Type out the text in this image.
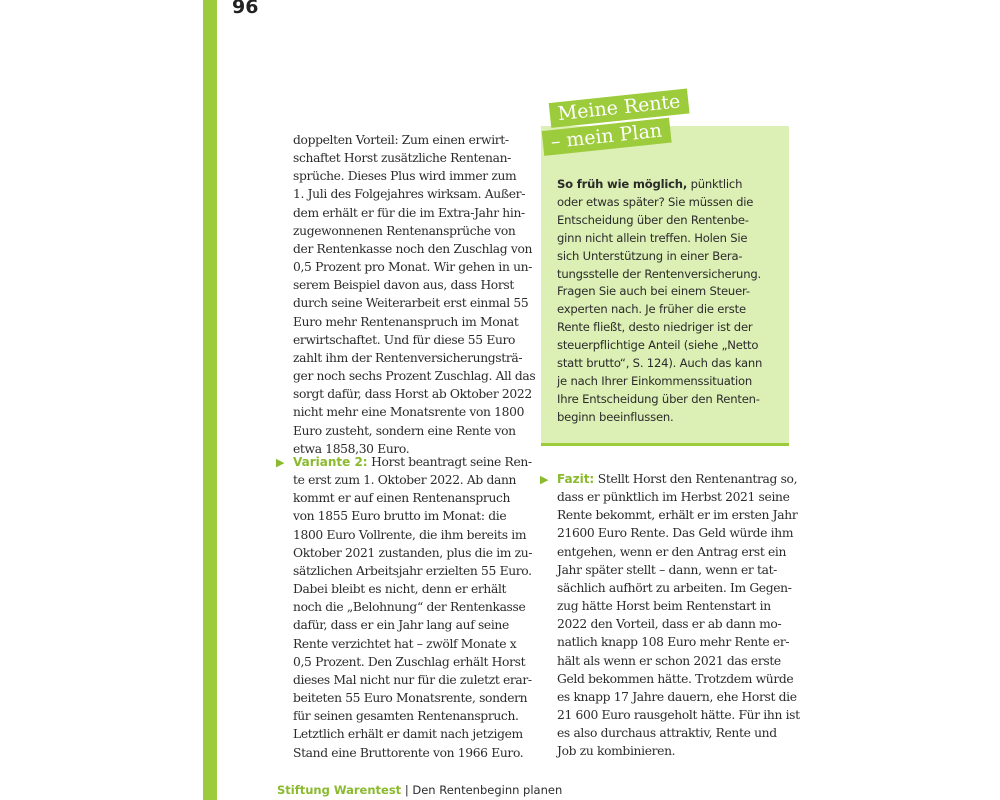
96

doppelten Vorteil: Zum einen erwirt-

schaftet Horst zusätzliche Rentenan-

sprüche. Dieses Plus wird immer zum

1. Juli des Folgejahres wirksam. Außer-

dem erhält er für die im Extra-Jahr hin-

zugewonnenen Rentenansprüche von

der Rentenkasse noch den Zuschlag von

0,5 Prozent pro Monat. Wir gehen in un-

serem Beispiel davon aus, dass Horst

durch seine Weiterarbeit erst einmal 55

Euro mehr Rentenanspruch im Monat

erwirtschaftet. Und für diese 55 Euro

zahlt ihm der Rentenversicherungsträ-

ger noch sechs Prozent Zuschlag. All das

sorgt dafür, dass Horst ab Oktober 2022

nicht mehr eine Monatsrente von 1800

Euro zusteht, sondern eine Rente von

etwa 1858,30 Euro.

▶ Variante 2: Horst beantragt seine Ren-

te erst zum 1. Oktober 2022. Ab dann

kommt er auf einen Rentenanspruch

von 1855 Euro brutto im Monat: die

1800 Euro Vollrente, die ihm bereits im

Oktober 2021 zustanden, plus die im zu-

sätzlichen Arbeitsjahr erzielten 55 Euro.

Dabei bleibt es nicht, denn er erhält

noch die „Belohnung“ der Rentenkasse

dafür, dass er ein Jahr lang auf seine

Rente verzichtet hat – zwölf Monate x

0,5 Prozent. Den Zuschlag erhält Horst

dieses Mal nicht nur für die zuletzt erar-

beiteten 55 Euro Monatsrente, sondern

für seinen gesamten Rentenanspruch.

Letztlich erhält er damit nach jetzigem

Stand eine Bruttorente von 1966 Euro.

Meine Rente
– mein Plan

So früh wie möglich, pünktlich

oder etwas später? Sie müssen die

Entscheidung über den Rentenbe-

ginn nicht allein treffen. Holen Sie

sich Unterstützung in einer Bera-

tungsstelle der Rentenversicherung.

Fragen Sie auch bei einem Steuer-

experten nach. Je früher die erste

Rente fließt, desto niedriger ist der

steuerpflichtige Anteil (siehe „Netto

statt brutto“, S. 124). Auch das kann

je nach Ihrer Einkommenssituation

Ihre Entscheidung über den Renten-

beginn beeinflussen.

▶ Fazit: Stellt Horst den Rentenantrag so,

dass er pünktlich im Herbst 2021 seine

Rente bekommt, erhält er im ersten Jahr

21600 Euro Rente. Das Geld würde ihm

entgehen, wenn er den Antrag erst ein

Jahr später stellt – dann, wenn er tat-

sächlich aufhört zu arbeiten. Im Gegen-

zug hätte Horst beim Rentenstart in

2022 den Vorteil, dass er ab dann mo-

natlich knapp 108 Euro mehr Rente er-

hält als wenn er schon 2021 das erste

Geld bekommen hätte. Trotzdem würde

es knapp 17 Jahre dauern, ehe Horst die

21 600 Euro rausgeholt hätte. Für ihn ist

es also durchaus attraktiv, Rente und

Job zu kombinieren.

Stiftung Warentest | Den Rentenbeginn planen
